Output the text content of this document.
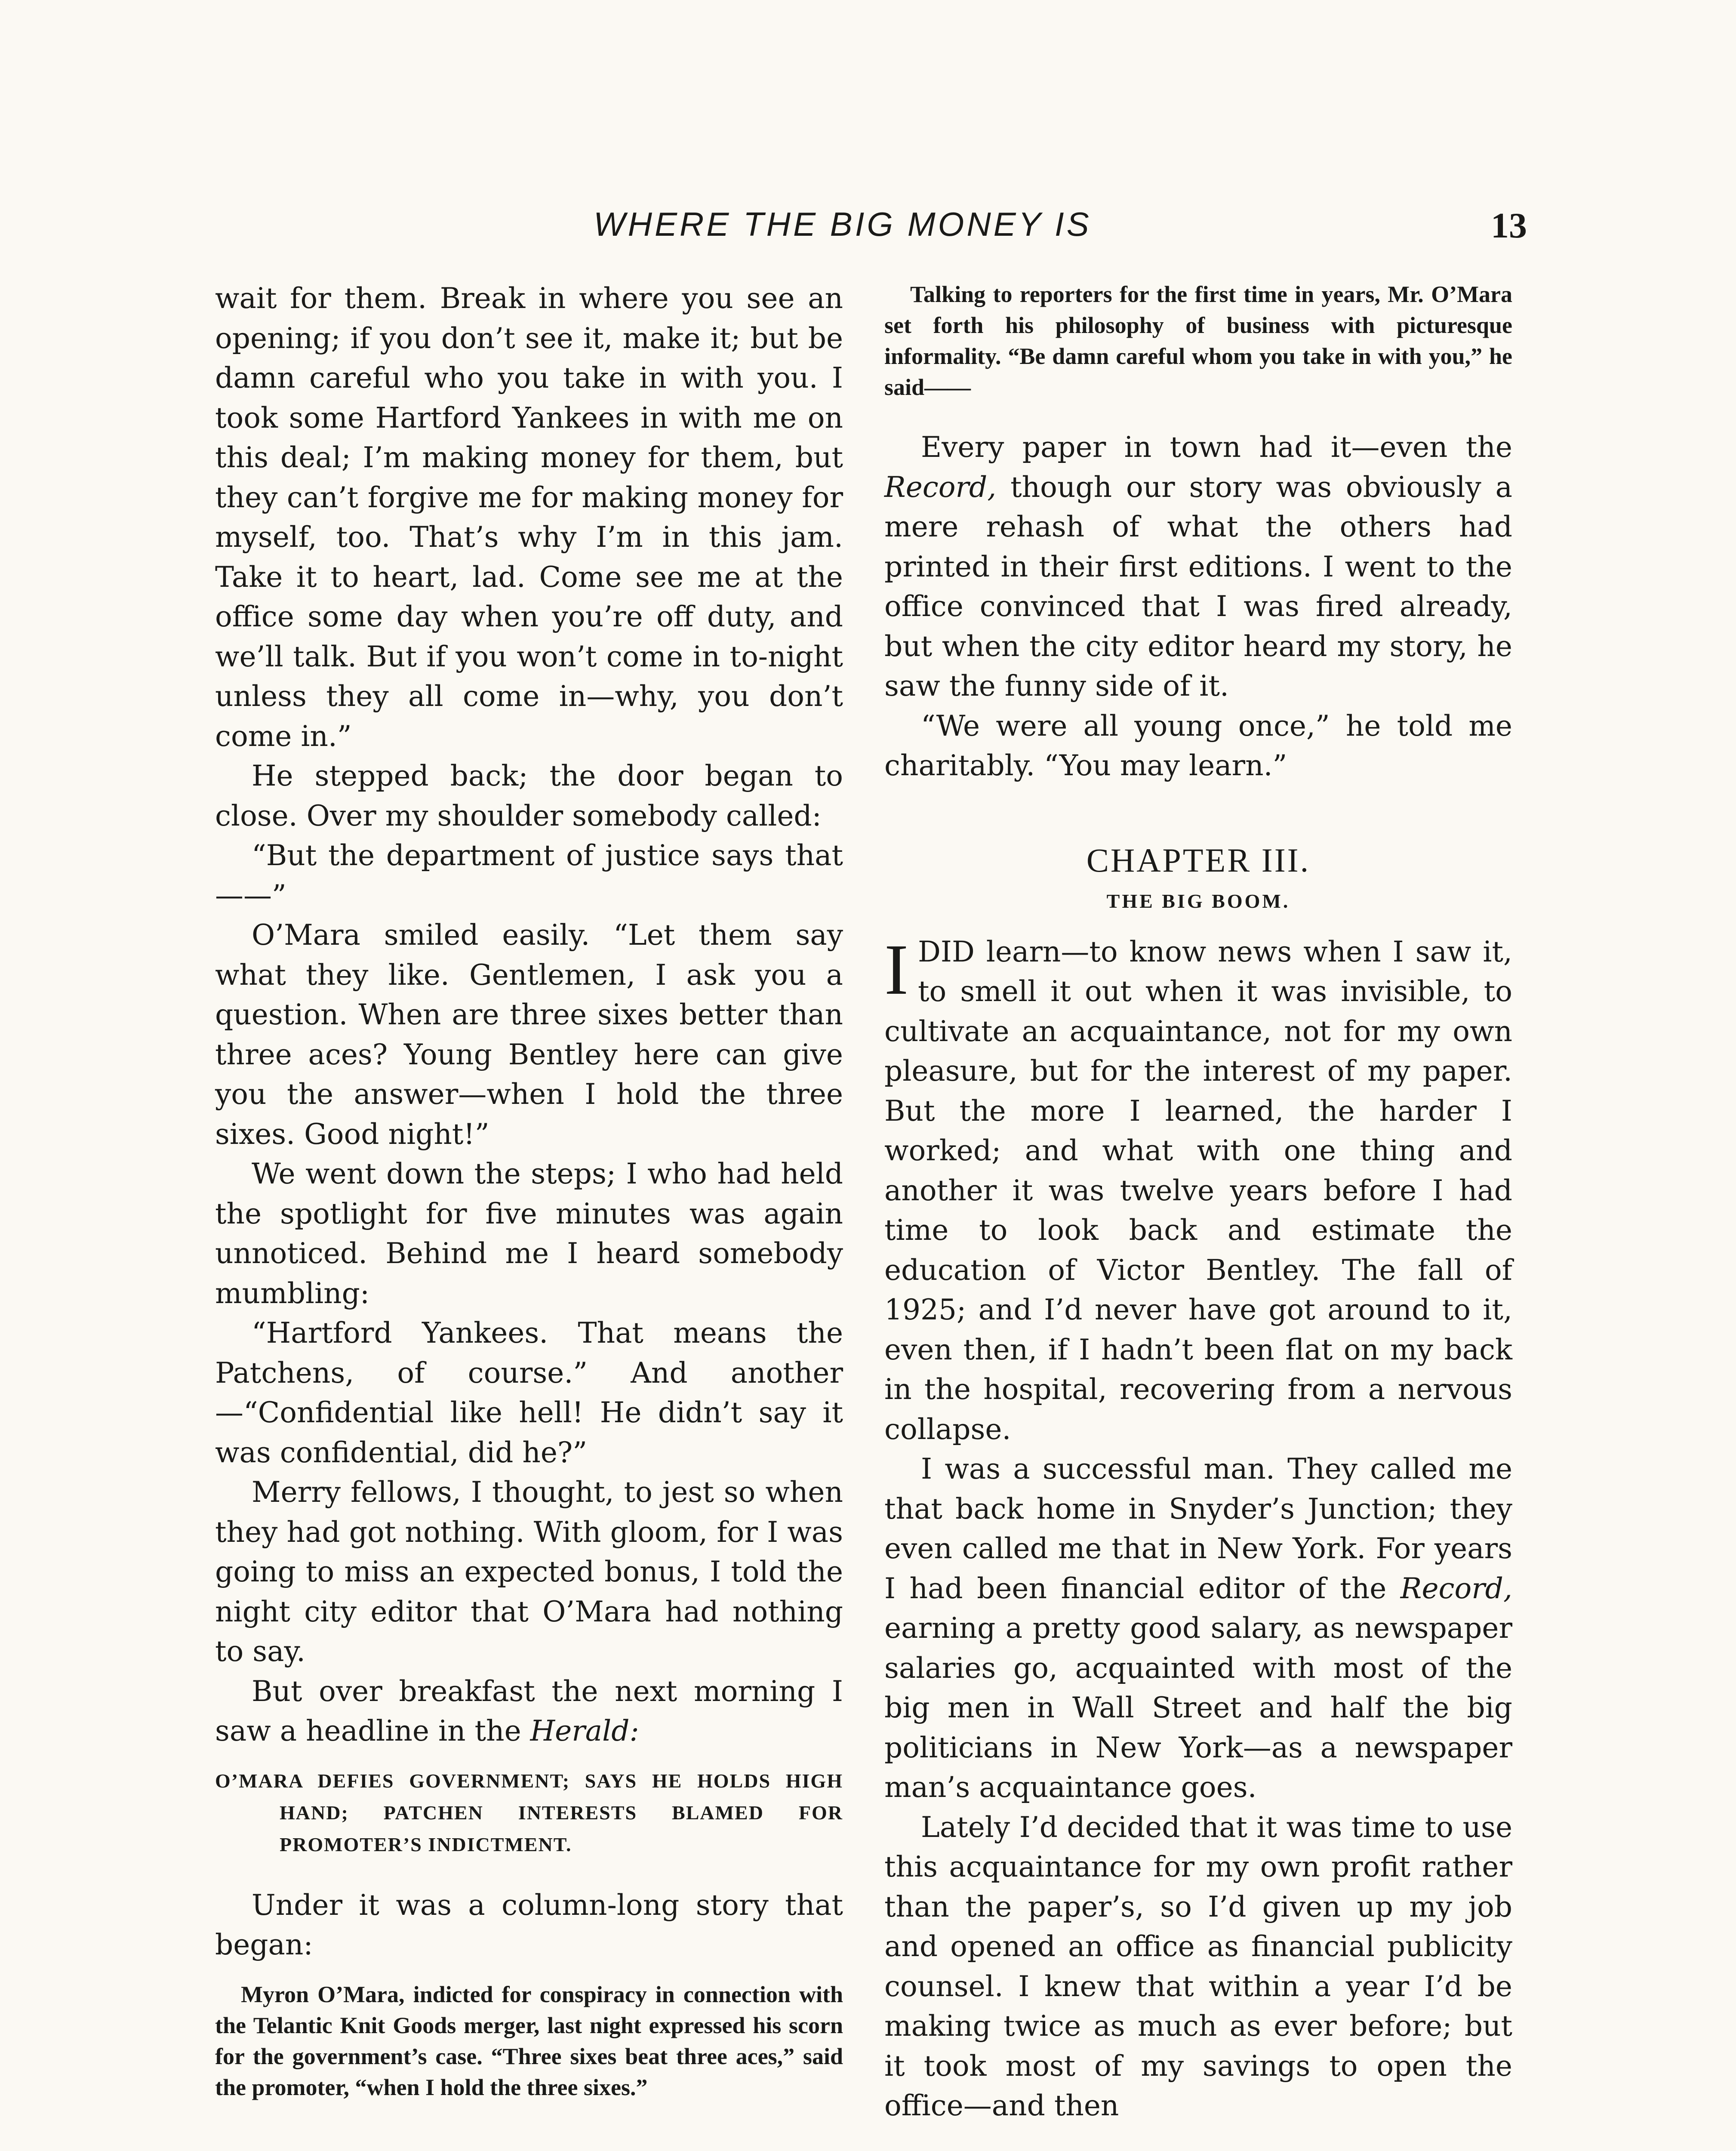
WHERE THE BIG MONEY IS	13

wait for them. Break in where you see an opening; if you don’t see it, make it; but be damn careful who you take in with you. I took some Hartford Yankees in with me on this deal; I’m making money for them, but they can’t forgive me for making money for myself, too. That’s why I’m in this jam. Take it to heart, lad. Come see me at the office some day when you’re off duty, and we’ll talk. But if you won’t come in to-night unless they all come in—why, you don’t come in.”

He stepped back; the door began to close. Over my shoulder somebody called:

“But the department of justice says that——”

O’Mara smiled easily. “Let them say what they like. Gentlemen, I ask you a question. When are three sixes better than three aces? Young Bentley here can give you the answer—when I hold the three sixes. Good night!”

We went down the steps; I who had held the spotlight for five minutes was again unnoticed. Behind me I heard somebody mumbling:

“Hartford Yankees. That means the Patchens, of course.” And another—“Confidential like hell! He didn’t say it was confidential, did he?”

Merry fellows, I thought, to jest so when they had got nothing. With gloom, for I was going to miss an expected bonus, I told the night city editor that O’Mara had nothing to say.

But over breakfast the next morning I saw a headline in the Herald:

O’MARA DEFIES GOVERNMENT; SAYS HE HOLDS HIGH HAND; PATCHEN INTERESTS BLAMED FOR PROMOTER’S INDICTMENT.

Under it was a column-long story that began:

Myron O’Mara, indicted for conspiracy in connection with the Telantic Knit Goods merger, last night expressed his scorn for the government’s case. “Three sixes beat three aces,” said the promoter, “when I hold the three sixes.”

Talking to reporters for the first time in years, Mr. O’Mara set forth his philosophy of business with picturesque informality. “Be damn careful whom you take in with you,” he said——

Every paper in town had it—even the Record, though our story was obviously a mere rehash of what the others had printed in their first editions. I went to the office convinced that I was fired already, but when the city editor heard my story, he saw the funny side of it.

“We were all young once,” he told me charitably. “You may learn.”

CHAPTER III.

THE BIG BOOM.

IDID learn—to know news when I saw it, to smell it out when it was invisible, to cultivate an acquaintance, not for my own pleasure, but for the interest of my paper. But the more I learned, the harder I worked; and what with one thing and another it was twelve years before I had time to look back and estimate the education of Victor Bentley. The fall of 1925; and I’d never have got around to it, even then, if I hadn’t been flat on my back in the hospital, recovering from a nervous collapse.

I was a successful man. They called me that back home in Snyder’s Junction; they even called me that in New York. For years I had been financial editor of the Record, earning a pretty good salary, as newspaper salaries go, acquainted with most of the big men in Wall Street and half the big politicians in New York—as a newspaper man’s acquaintance goes.

Lately I’d decided that it was time to use this acquaintance for my own profit rather than the paper’s, so I’d given up my job and opened an office as financial publicity counsel. I knew that within a year I’d be making twice as much as ever before; but it took most of my savings to open the office—and then
